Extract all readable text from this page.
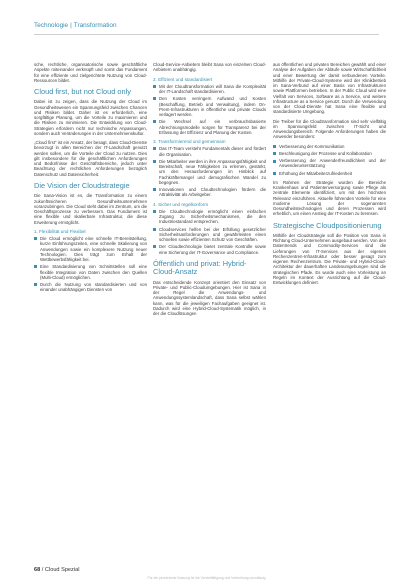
Technologie | Transformation

sche, rechtliche, organisatorische sowie geschäftliche Aspekte miteinander verknüpft und somit das Fundament für eine effiziente und zielgerichtete Nutzung von Cloud-Ressourcen bildet.

Cloud first, but not Cloud only

Dabei ist zu zeigen, dass die Nutzung der Cloud im Gesundheitswesen ein Spannungsfeld zwischen Chancen und Risiken bildet. Daher ist es erforderlich, eine sorgfältige Planung, um die Vorteile zu maximieren und die Risiken zu minimieren. Die Entwicklung von Cloud-Strategien erfordern nicht nur technische Anpassungen, sondern auch Veränderungen in der Unternehmenskultur.

„Cloud first“ ist ein Ansatz, der besagt, dass Cloud-Dienste bevorzugt in allen Bereichen der IT-Landschaft genutzt werden sollen, um die Vorteile der Cloud zu nutzen. Dies gilt insbesondere für die geschäftlichen Anforderungen und Bedürfnisse der Geschäftsbereiche, jedoch unter Beachtung der rechtlichen Anforderungen bezüglich Datenschutz und Datensicherheit.

Die Vision der Cloudstrategie

Die Sana-Vision ist es, die Transformation zu einem zukunftssicheren Gesundheitsunternehmen voranzubringen. Die Cloud steht dabei im Zentrum, um die Geschäftsprozesse zu verbessern. Das Fundament ist eine flexible und skalierbare Infrastruktur, die diese Erweiterung ermöglicht.

1. Flexibilität und Flexibel
Die Cloud ermöglicht eine schnelle IT-Bereitstellung, kurze Einführungszeiten, eine schnelle Skalierung von Anwendungen sowie ein komplexere Nutzung neuer Technologien. Dies trägt zum Erhalt der Wettbewerbsfähigkeit bei.
Eine Standardisierung von Schnittstellen soll eine flexible Integration von Daten zwischen den Quellen (Multi-Cloud) ermöglichen.
Durch die Nutzung von standardisierten und von einander unabhängigen Diensten von

Cloud-Service-Anbietern bleibt Sana von einzelnen Cloud-Anbietern unabhängig.

2. Effizient und standardisiert
Mit der Cloudtransformation will Sana die Komplexität der IT-Landschaft standardisieren.
Den Kosten verringern Aufwand und Kosten (Beschaffung, Betrieb und Verwaltung), indem On-Prem-Infrastrukturen in öffentliche und private Clouds verlagert werden.
Die Wechsel auf ein verbrauchsbasierte Abrechnungsmodelle sorgen für Transparenz bei der Erfassung der Effizienz und Planung der Kosten.
3. Transformierend und gemeinsam
Das IT-Team versteht Fundamentals dieser und fördert die Organisation.
Die Mitarbeiter werden in ihre Anpassungsfähigkeit und Bereitschaft, neue Fähigkeiten zu erlernen, gestärkt, um den Herausforderungen im Hinblick auf Fachkräftemangel und demografischen Wandel zu begegnen.
Innovationen und Cloudtechnologien fördern die Attraktivität als Arbeitgeber.
4. Sicher und regelkonform
Die Cloudtechnologie ermöglicht einen einfachen Zugang zu Sicherheitsmechanismen, die den Industriestandard entsprechen.
Cloudservices helfen bei der Erfüllung gesetzlicher Sicherheitsanforderungen und gewährleisten einen schnellen sowie effizienten Schutz von Geschäften.
Der Cloudtechnologie bietet zentrale Kontrolle sowie eine Sicherung der IT-Governance und Compliance.
Öffentlich und privat: Hybrid-Cloud-Ansatz

Das entscheidende Konzept orientiert den Einsatz von Private- und Public-Cloudumgebungen. Hier ist Sana in der Regel die Anwendungs- und Anwendungssystemlandschaft, dass Sana selbst wählen kann, was für die jeweiligen Fachaufgaben geeignet ist. Dadurch wird eine Hybrid-Cloud-Systematik möglich, in der die Cloudlösungen

aus öffentlichen und privaten Bereichen gewählt und einer Analyse der Aufgaben der Abläufe sowie Wirtschaftlichkeit und einer Bewertung der damit verbundenen Vorteile. Mithilfe der Private-Cloud-Systeme wird der Klinikbetrieb im Sana-Verbund auf einer Basis von Infrastrukturen sowie Plattformen betrieben. In der Public Cloud wird eine Vielfalt von Services, Software as a Service, und weitere Infrastructure as a Service genutzt. Durch die Verwendung von der Cloud-Dienste hat Sana eine flexible und standardisierte Umgebung.

Die Treiber für die Cloudtransformation sind sehr vielfältig im Spannungsfeld zwischen IT-Sicht und Anwendungsbereich. Folgende Anforderungen haben die Anwender besonders:

Verbesserung der Kommunikation
Beschleunigung der Prozesse und Kollaboration
Verbesserung der Anwenderfreundlichkeit und der Anwenderunterstützung
Erhöhung der Mitarbeiterzufriedenheit

Im Rahmen der Strategie wurden die Bereiche Krankenhaus und Patientenversorgung sowie Pflege als zentrale Elemente identifiziert, um mit den höchsten Relevanz einzuführen. Aktuelle führenden Vorteile für eine moderne Lösung der sogenannten Gesundheitstechnologien und deren Prozessen wird erheblich, um einen Anstieg der IT-Kosten zu bremsen.

Strategische Cloudpositionierung

Mithilfe der Cloudstrategie soll die Position von Sana in Richtung Cloud-Unternehmen ausgebaut werden. Von den Datentrends und Commodity-Services sind die Lieferungen von IT-Services aus der eigenen Rechenzentren-Infrastruktur oder besser gesagt zum eigenen Rechenzentrum. Die Private- und Hybrid-Cloud-Architektur der dauerhaften Landesumgebungen sind die strategischen Pfade. Es wurde auch eine Vorleistung an Regeln im Kontext der Ausrichtung auf die Cloud-Entwicklungen definiert.

68 / Cloud Spezial
Für die persönliche Nutzung ist die Vervielfältigung und Verbreitung unzulässig
